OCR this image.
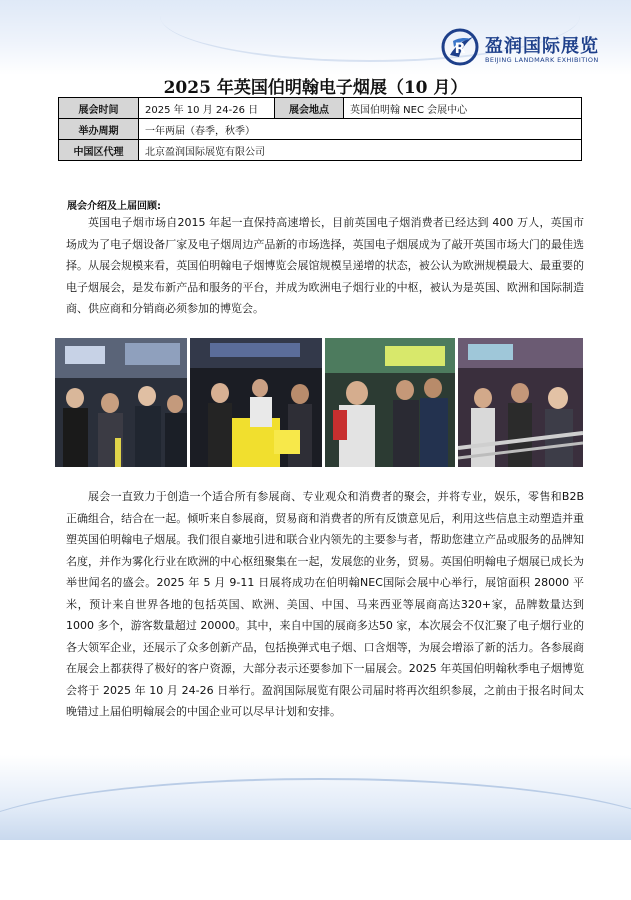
R 盈润国际展览
BEIJING LANDMARK EXHIBITION
2025 年英国伯明翰电子烟展（10 月）
展会时间	2025 年 10 月 24-26 日	展会地点	英国伯明翰 NEC 会展中心
举办周期	一年两届（春季，秋季）		
中国区代理	北京盈润国际展览有限公司		
展会介绍及上届回顾:

英国电子烟市场自2015 年起一直保持高速增长，目前英国电子烟消费者已经达到 400 万人，英国市场成为了电子烟设备厂家及电子烟周边产品新的市场选择，英国电子烟展成为了敲开英国市场大门的最佳选择。从展会规模来看，英国伯明翰电子烟博览会展馆规模呈递增的状态，被公认为欧洲规模最大、最重要的电子烟展会，是发布新产品和服务的平台，并成为欧洲电子烟行业的中枢，被认为是英国、欧洲和国际制造商、供应商和分销商必须参加的博览会。

展会一直致力于创造一个适合所有参展商、专业观众和消费者的聚会，并将专业，娱乐，零售和B2B 正确组合，结合在一起。倾听来自参展商，贸易商和消费者的所有反馈意见后，利用这些信息主动塑造并重塑英国伯明翰电子烟展。我们很自豪地引进和联合业内领先的主要参与者，帮助您建立产品或服务的品牌知名度，并作为雾化行业在欧洲的中心枢纽聚集在一起，发展您的业务，贸易。英国伯明翰电子烟展已成长为举世闻名的盛会。2025 年 5 月 9-11 日展将成功在伯明翰NEC国际会展中心举行，展馆面积 28000 平米，预计来自世界各地的包括英国、欧洲、美国、中国、马来西亚等展商高达320+家，品牌数量达到 1000 多个，游客数量超过 20000。其中，来自中国的展商多达50 家，本次展会不仅汇聚了电子烟行业的各大领军企业，还展示了众多创新产品，包括换弹式电子烟、口含烟等，为展会增添了新的活力。各参展商在展会上都获得了极好的客户资源，大部分表示还要参加下一届展会。2025 年英国伯明翰秋季电子烟博览会将于 2025 年 10 月 24-26 日举行。盈润国际展览有限公司届时将再次组织参展，之前由于报名时间太晚错过上届伯明翰展会的中国企业可以尽早计划和安排。
